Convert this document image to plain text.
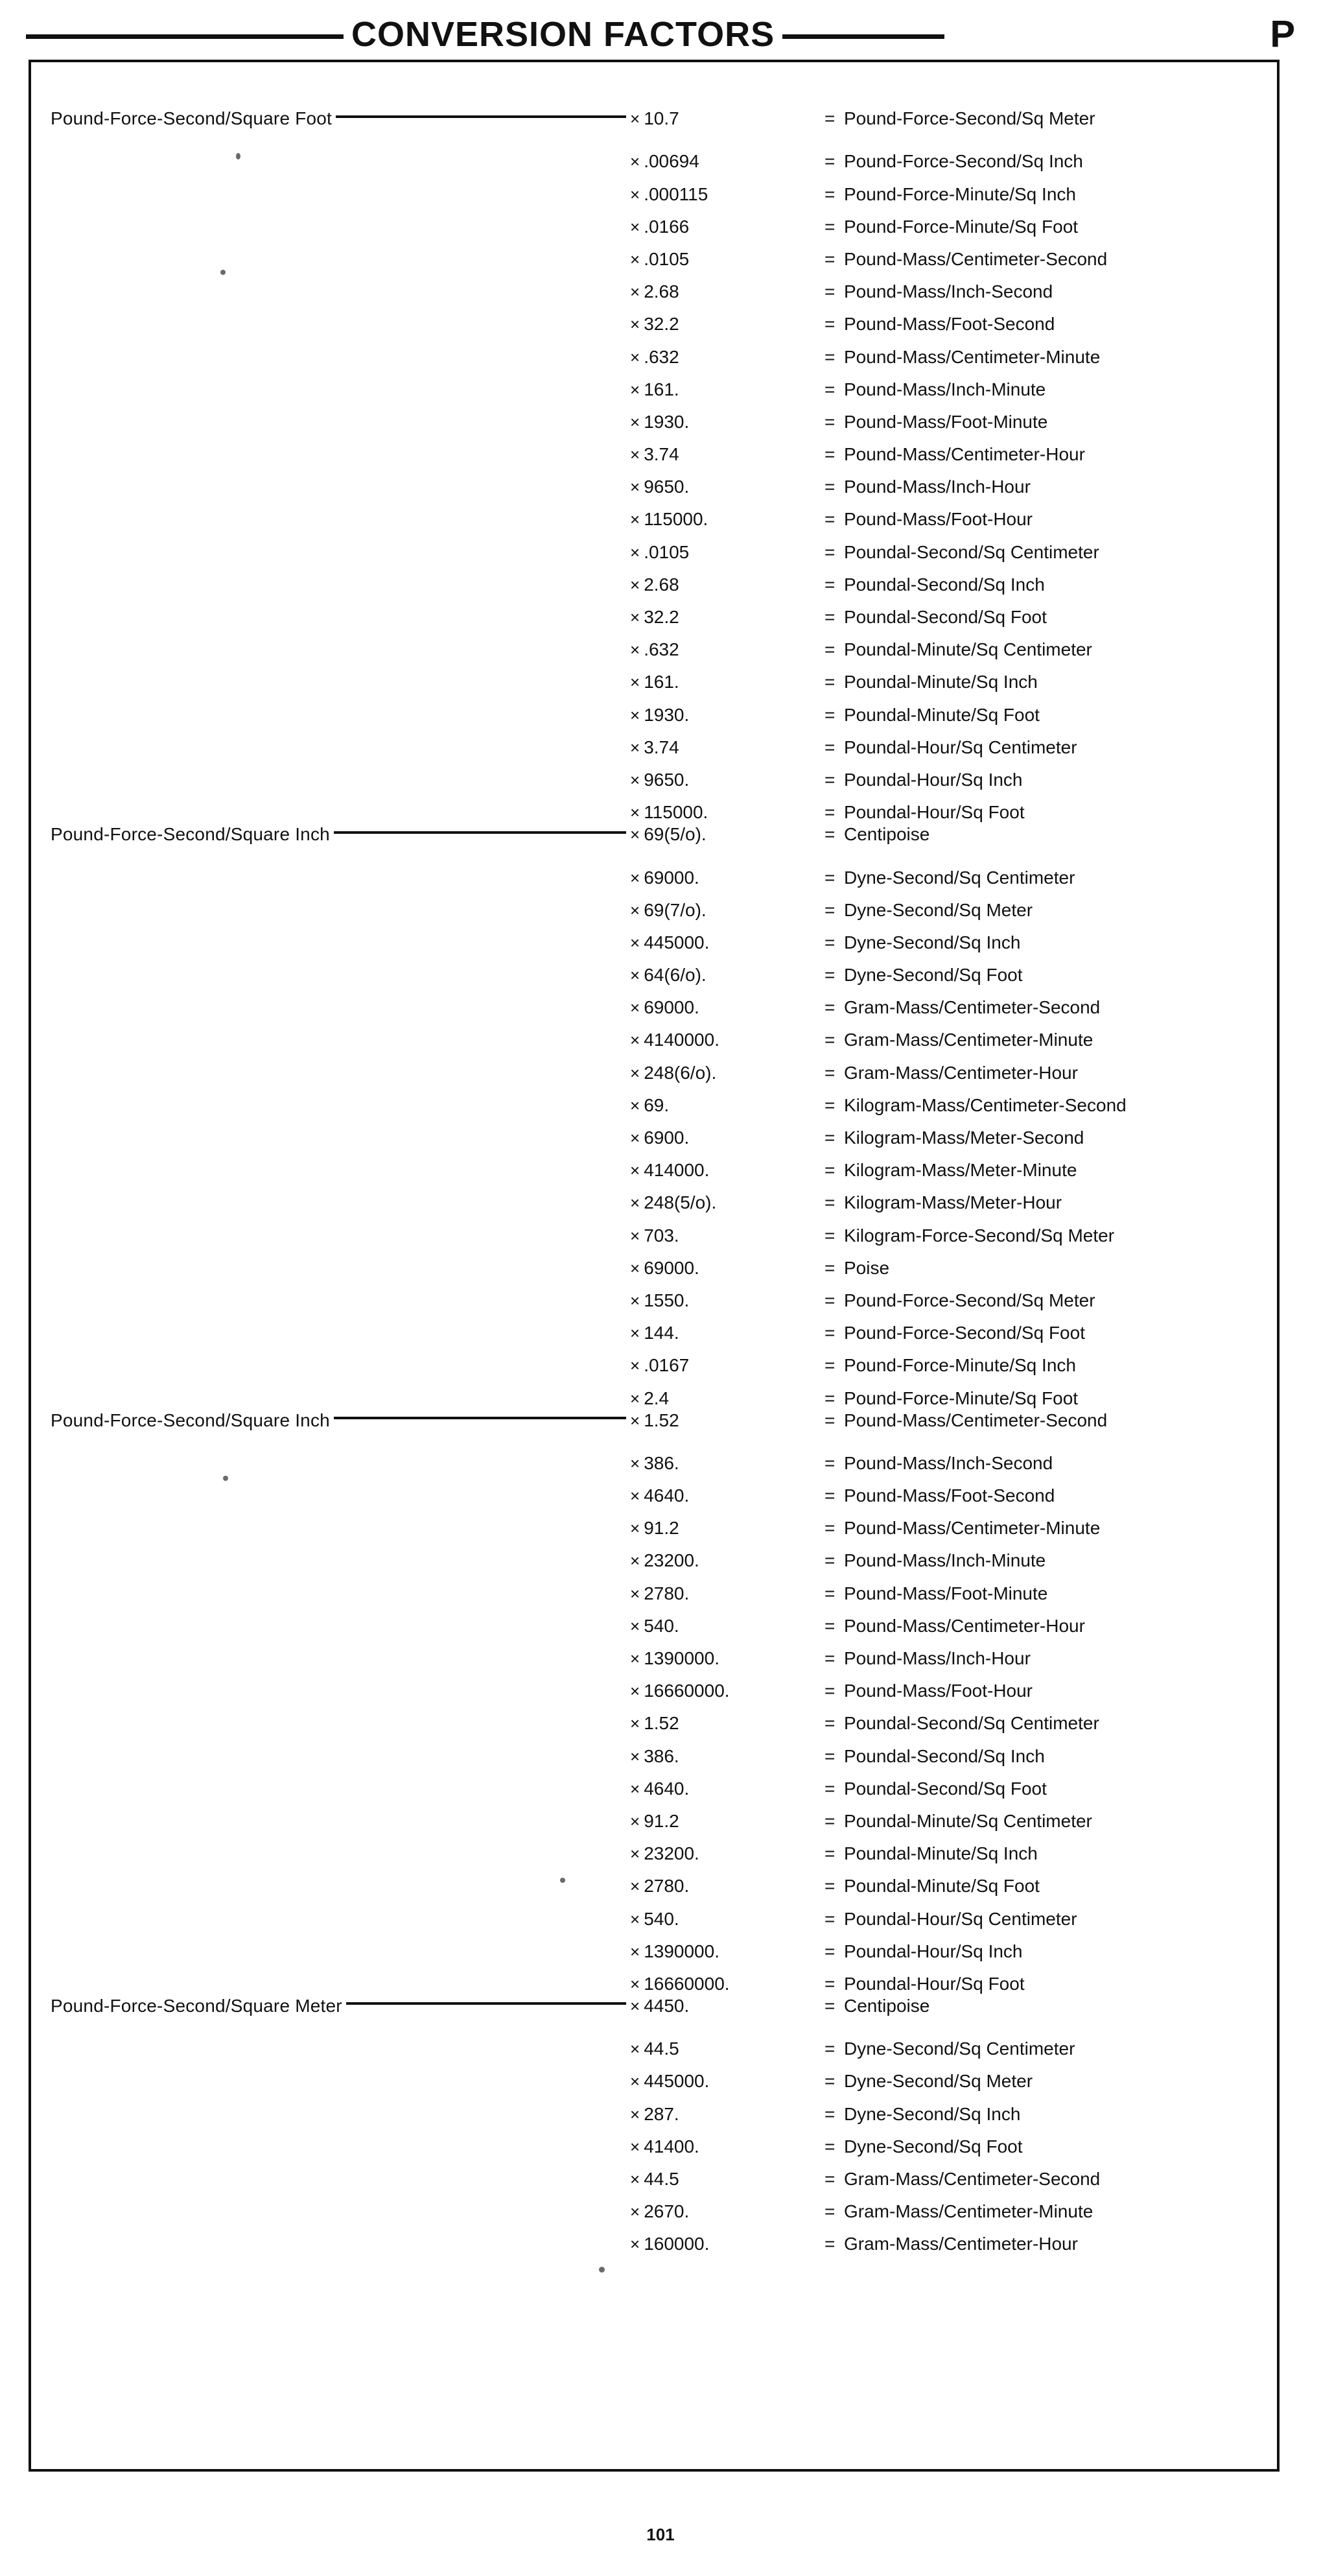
CONVERSION FACTORS	P
Pound-Force-Second/Square Foot	× 10.7	= Pound-Force-Second/Sq Meter
× .00694	= Pound-Force-Second/Sq Inch
× .000115	= Pound-Force-Minute/Sq Inch
× .0166	= Pound-Force-Minute/Sq Foot
× .0105	= Pound-Mass/Centimeter-Second
× 2.68	= Pound-Mass/Inch-Second
× 32.2	= Pound-Mass/Foot-Second
× .632	= Pound-Mass/Centimeter-Minute
× 161.	= Pound-Mass/Inch-Minute
× 1930.	= Pound-Mass/Foot-Minute
× 3.74	= Pound-Mass/Centimeter-Hour
× 9650.	= Pound-Mass/Inch-Hour
× 115000.	= Pound-Mass/Foot-Hour
× .0105	= Poundal-Second/Sq Centimeter
× 2.68	= Poundal-Second/Sq Inch
× 32.2	= Poundal-Second/Sq Foot
× .632	= Poundal-Minute/Sq Centimeter
× 161.	= Poundal-Minute/Sq Inch
× 1930.	= Poundal-Minute/Sq Foot
× 3.74	= Poundal-Hour/Sq Centimeter
× 9650.	= Poundal-Hour/Sq Inch
× 115000.	= Poundal-Hour/Sq Foot
Pound-Force-Second/Square Inch	× 69(5/o).	= Centipoise
× 69000.	= Dyne-Second/Sq Centimeter
× 69(7/o).	= Dyne-Second/Sq Meter
× 445000.	= Dyne-Second/Sq Inch
× 64(6/o).	= Dyne-Second/Sq Foot
× 69000.	= Gram-Mass/Centimeter-Second
× 4140000.	= Gram-Mass/Centimeter-Minute
× 248(6/o).	= Gram-Mass/Centimeter-Hour
× 69.	= Kilogram-Mass/Centimeter-Second
× 6900.	= Kilogram-Mass/Meter-Second
× 414000.	= Kilogram-Mass/Meter-Minute
× 248(5/o).	= Kilogram-Mass/Meter-Hour
× 703.	= Kilogram-Force-Second/Sq Meter
× 69000.	= Poise
× 1550.	= Pound-Force-Second/Sq Meter
× 144.	= Pound-Force-Second/Sq Foot
× .0167	= Pound-Force-Minute/Sq Inch
× 2.4	= Pound-Force-Minute/Sq Foot
Pound-Force-Second/Square Inch	× 1.52	= Pound-Mass/Centimeter-Second
× 386.	= Pound-Mass/Inch-Second
× 4640.	= Pound-Mass/Foot-Second
× 91.2	= Pound-Mass/Centimeter-Minute
× 23200.	= Pound-Mass/Inch-Minute
× 2780.	= Pound-Mass/Foot-Minute
× 540.	= Pound-Mass/Centimeter-Hour
× 1390000.	= Pound-Mass/Inch-Hour
× 16660000.	= Pound-Mass/Foot-Hour
× 1.52	= Poundal-Second/Sq Centimeter
× 386.	= Poundal-Second/Sq Inch
× 4640.	= Poundal-Second/Sq Foot
× 91.2	= Poundal-Minute/Sq Centimeter
× 23200.	= Poundal-Minute/Sq Inch
× 2780.	= Poundal-Minute/Sq Foot
× 540.	= Poundal-Hour/Sq Centimeter
× 1390000.	= Poundal-Hour/Sq Inch
× 16660000.	= Poundal-Hour/Sq Foot
Pound-Force-Second/Square Meter	× 4450.	= Centipoise
× 44.5	= Dyne-Second/Sq Centimeter
× 445000.	= Dyne-Second/Sq Meter
× 287.	= Dyne-Second/Sq Inch
× 41400.	= Dyne-Second/Sq Foot
× 44.5	= Gram-Mass/Centimeter-Second
× 2670.	= Gram-Mass/Centimeter-Minute
× 160000.	= Gram-Mass/Centimeter-Hour
101
